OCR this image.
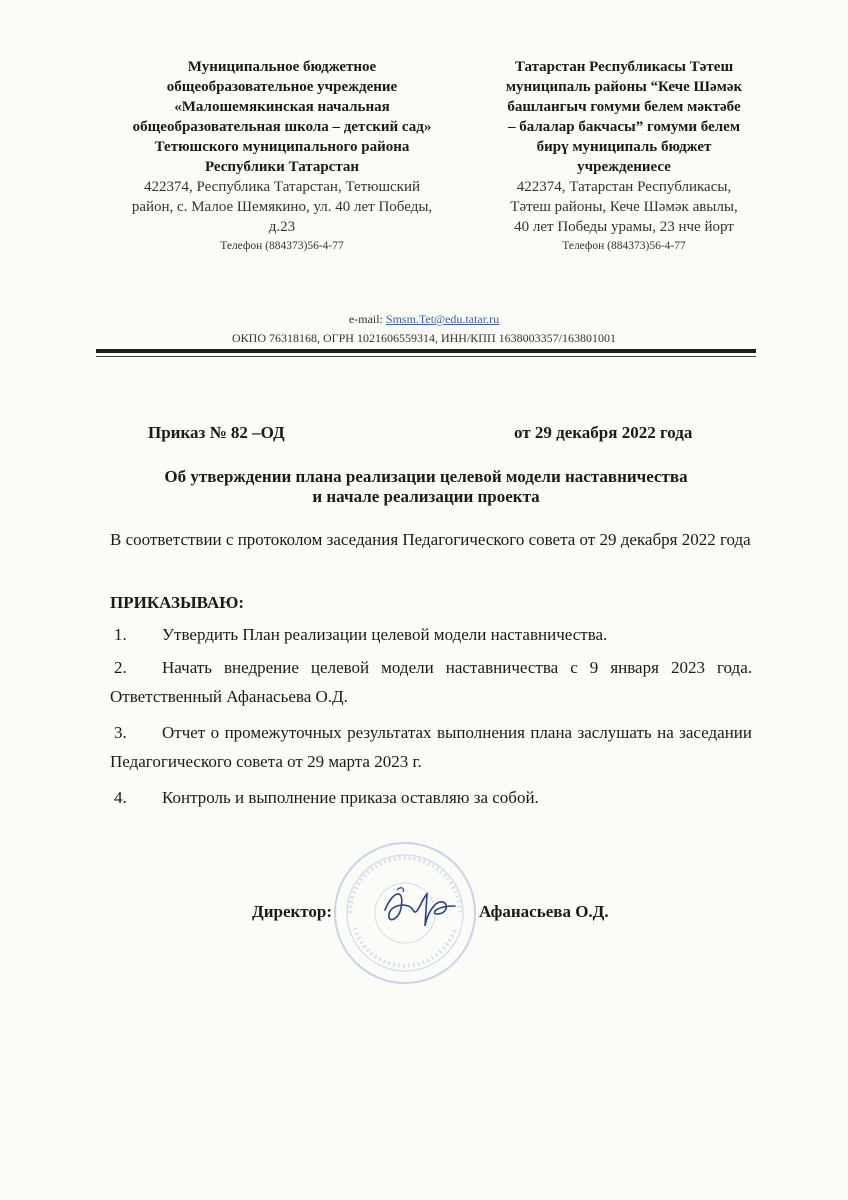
Муниципальное бюджетное
общеобразовательное учреждение
«Малошемякинская начальная
общеобразовательная школа – детский сад»
Тетюшского муниципального района
Республики Татарстан
422374, Республика Татарстан, Тетюшский
район, с. Малое Шемякино, ул. 40 лет Победы,
д.23
Телефон (884373)56-4-77
Татарстан Республикасы Тәтеш
муниципаль районы “Кече Шәмәк
башлангыч гомуми белем мәктәбе
– балалар бакчасы” гомуми белем
бирү муниципаль бюджет
учреждениесе
422374, Татарстан Республикасы,
Тәтеш районы, Кече Шәмәк авылы,
40 лет Победы урамы, 23 нче йорт
Телефон (884373)56-4-77
e-mail: Smsm.Tet@edu.tatar.ru
ОКПО 76318168, ОГРН 1021606559314, ИНН/КПП 1638003357/163801001
Приказ № 82 –ОД	от 29 декабря 2022 года
Об утверждении плана реализации целевой модели наставничества
и начале реализации проекта
В соответствии с протоколом заседания Педагогического совета от 29 декабря 2022 года
ПРИКАЗЫВАЮ:
1. Утвердить План реализации целевой модели наставничества.
2. Начать внедрение целевой модели наставничества с 9 января 2023 года. Ответственный Афанасьева О.Д.
3. Отчет о промежуточных результатах выполнения плана заслушать на заседании Педагогического совета от 29 марта 2023 г.
4. Контроль и выполнение приказа оставляю за собой.
Директор:	Афанасьева О.Д.
